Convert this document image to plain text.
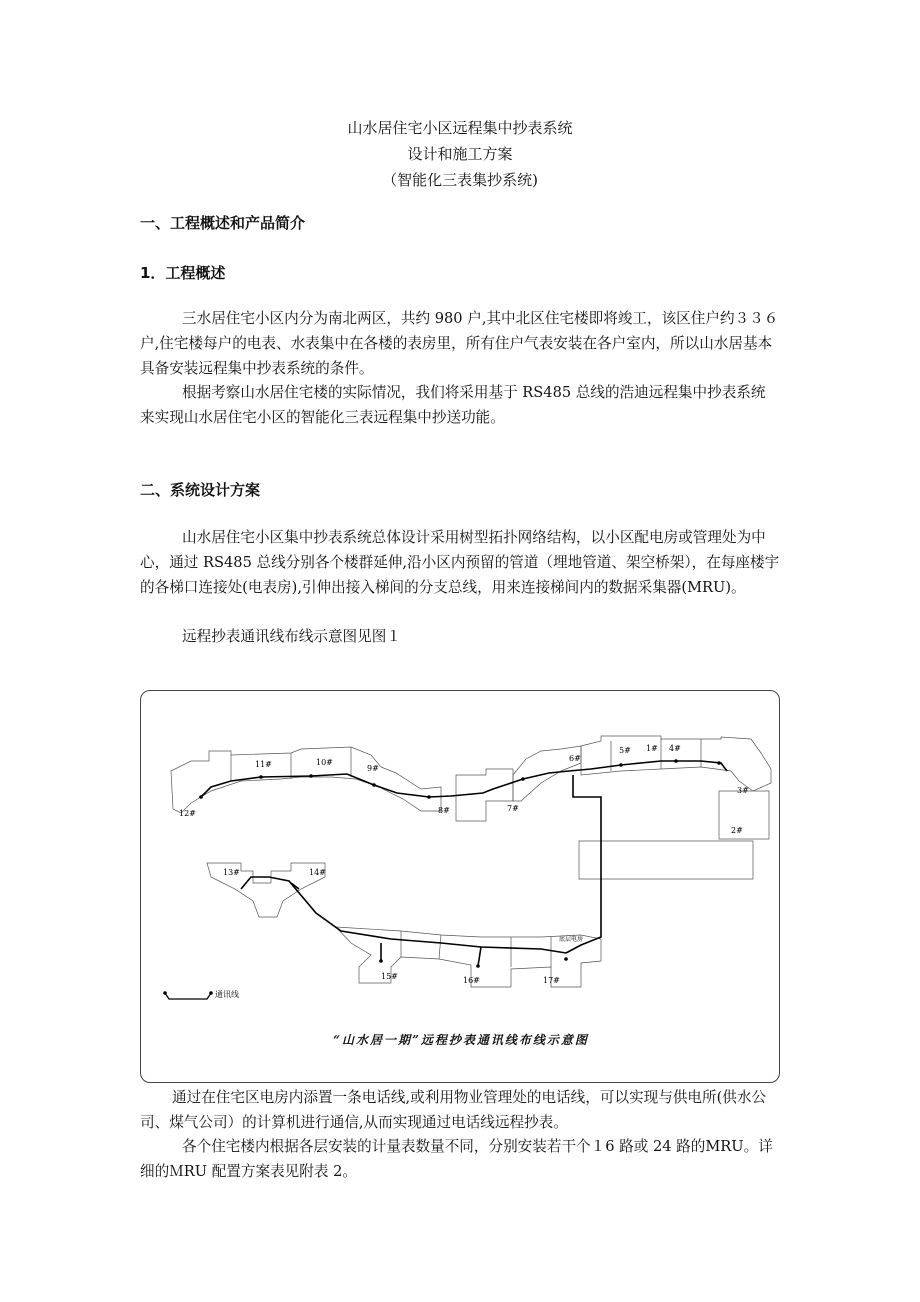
山水居住宅小区远程集中抄表系统
设计和施工方案
（智能化三表集抄系统)
一、工程概述和产品简介
1．工程概述
三水居住宅小区内分为南北两区，共约 980 户,其中北区住宅楼即将竣工，该区住户约３３６户,住宅楼每户的电表、水表集中在各楼的表房里，所有住户气表安装在各户室内，所以山水居基本具备安装远程集中抄表系统的条件。
根据考察山水居住宅楼的实际情况，我们将采用基于 RS485 总线的浩迪远程集中抄表系统来实现山水居住宅小区的智能化三表远程集中抄送功能。
二、系统设计方案
山水居住宅小区集中抄表系统总体设计采用树型拓扑网络结构，以小区配电房或管理处为中心，通过 RS485 总线分别各个楼群延伸,沿小区内预留的管道（埋地管道、架空桥架），在每座楼宇的各梯口连接处(电表房),引伸出接入梯间的分支总线，用来连接梯间内的数据采集器(MRU)。
远程抄表通讯线布线示意图见图１
1#
2#
3#
4#
5#
6#
7#
8#
9#
10#
11#
12#
13#	14#
15#	16#	17#
底层电房
通讯线
“山水居一期”远程抄表通讯线布线示意图
通过在住宅区电房内添置一条电话线,或利用物业管理处的电话线，可以实现与供电所(供水公司、煤气公司）的计算机进行通信,从而实现通过电话线远程抄表。
各个住宅楼内根据各层安装的计量表数量不同，分别安装若干个１6 路或 24 路的MRU。详细的ＭRU 配置方案表见附表 2。
